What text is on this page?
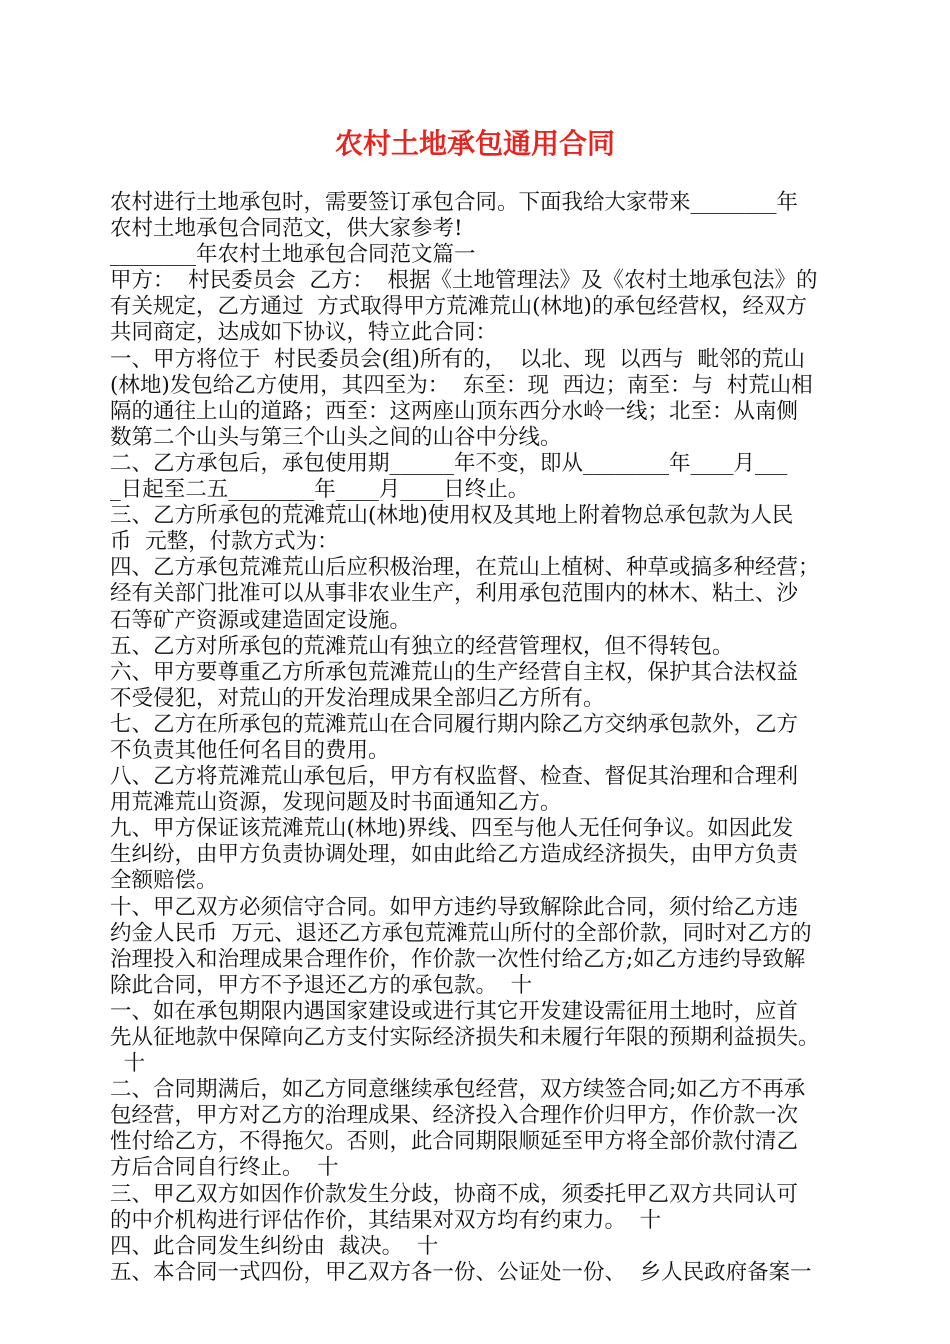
农村土地承包通用合同
农村进行土地承包时，需要签订承包合同。下面我给大家带来________年
农村土地承包合同范文，供大家参考!
________年农村土地承包合同范文篇一
甲方：  村民委员会  乙方：  根据《土地管理法》及《农村土地承包法》的
有关规定，乙方通过  方式取得甲方荒滩荒山(林地)的承包经营权，经双方
共同商定，达成如下协议，特立此合同：
一、甲方将位于  村民委员会(组)所有的，  以北、现  以西与  毗邻的荒山
(林地)发包给乙方使用，其四至为：  东至：现  西边；南至：与  村荒山相
隔的通往上山的道路；西至：这两座山顶东西分水岭一线；北至：从南侧
数第二个山头与第三个山头之间的山谷中分线。
二、乙方承包后，承包使用期______年不变，即从________年____月___
_日起至二五________年____月____日终止。
三、乙方所承包的荒滩荒山(林地)使用权及其地上附着物总承包款为人民
币  元整，付款方式为：
四、乙方承包荒滩荒山后应积极治理，在荒山上植树、种草或搞多种经营；
经有关部门批准可以从事非农业生产，利用承包范围内的林木、粘土、沙
石等矿产资源或建造固定设施。
五、乙方对所承包的荒滩荒山有独立的经营管理权，但不得转包。
六、甲方要尊重乙方所承包荒滩荒山的生产经营自主权，保护其合法权益
不受侵犯，对荒山的开发治理成果全部归乙方所有。
七、乙方在所承包的荒滩荒山在合同履行期内除乙方交纳承包款外，乙方
不负责其他任何名目的费用。
八、乙方将荒滩荒山承包后，甲方有权监督、检查、督促其治理和合理利
用荒滩荒山资源，发现问题及时书面通知乙方。
九、甲方保证该荒滩荒山(林地)界线、四至与他人无任何争议。如因此发
生纠纷，由甲方负责协调处理，如由此给乙方造成经济损失，由甲方负责
全额赔偿。
十、甲乙双方必须信守合同。如甲方违约导致解除此合同，须付给乙方违
约金人民币  万元、退还乙方承包荒滩荒山所付的全部价款，同时对乙方的
治理投入和治理成果合理作价，作价款一次性付给乙方;如乙方违约导致解
除此合同，甲方不予退还乙方的承包款。  十
一、如在承包期限内遇国家建设或进行其它开发建设需征用土地时，应首
先从征地款中保障向乙方支付实际经济损失和未履行年限的预期利益损失。
十
二、合同期满后，如乙方同意继续承包经营，双方续签合同;如乙方不再承
包经营，甲方对乙方的治理成果、经济投入合理作价归甲方，作价款一次
性付给乙方，不得拖欠。否则，此合同期限顺延至甲方将全部价款付清乙
方后合同自行终止。  十
三、甲乙双方如因作价款发生分歧，协商不成，须委托甲乙双方共同认可
的中介机构进行评估作价，其结果对双方均有约束力。  十
四、此合同发生纠纷由  裁决。  十
五、本合同一式四份，甲乙双方各一份、公证处一份、  乡人民政府备案一
